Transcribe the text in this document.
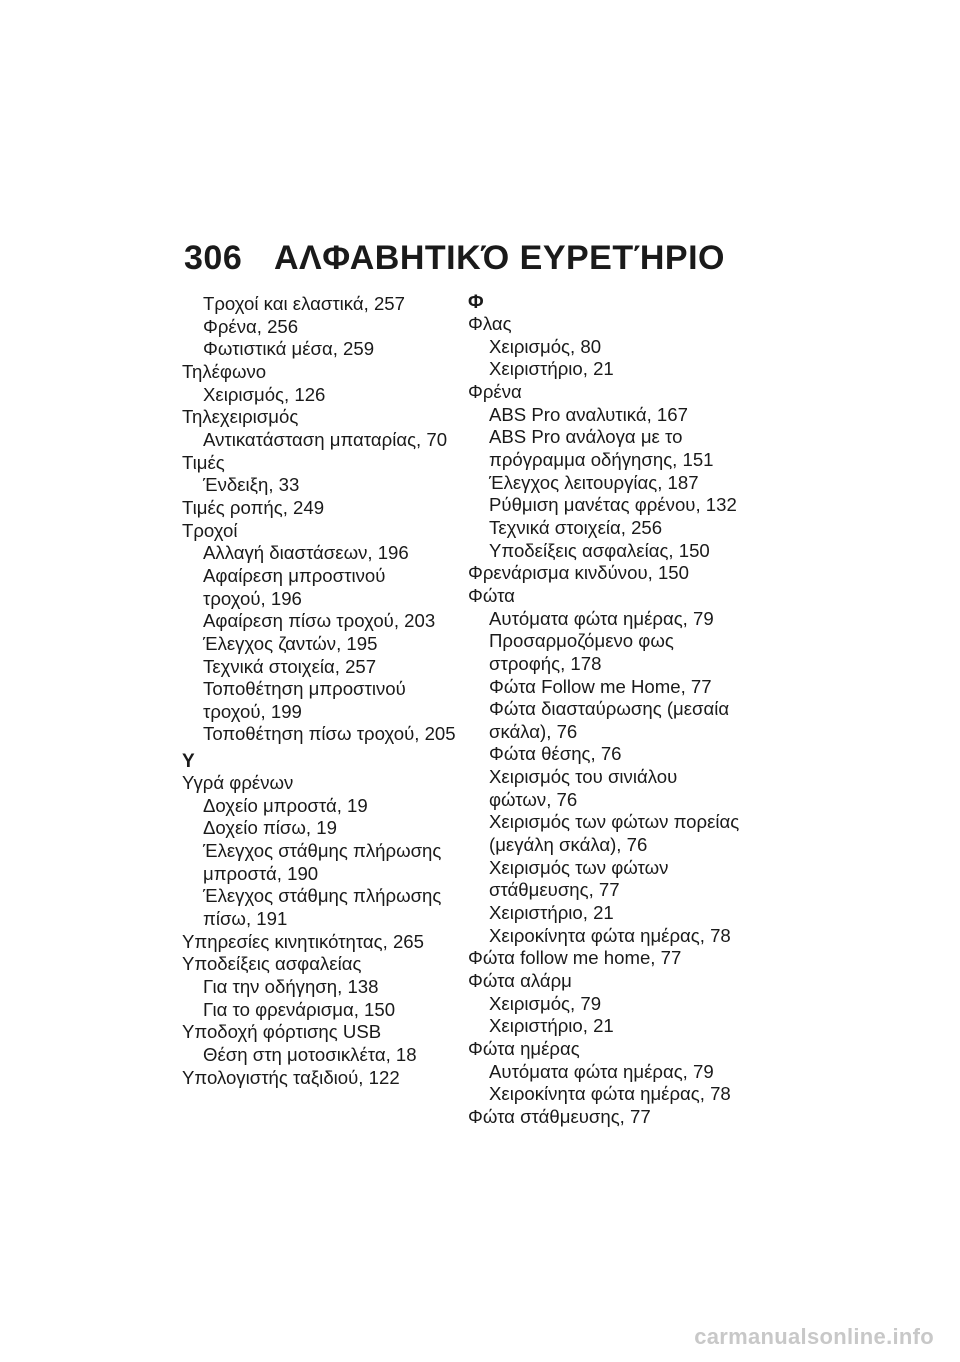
306 ΑΛΦΑΒΗΤΙΚΌ ΕΥΡΕΤΉΡΙΟ
Τροχοί και ελαστικά, 257
Φρένα, 256
Φωτιστικά μέσα, 259
Τηλέφωνο
Χειρισμός, 126
Τηλεχειρισμός
Αντικατάσταση μπαταρίας, 70
Τιμές
Ένδειξη, 33
Τιμές ροπής, 249
Τροχοί
Αλλαγή διαστάσεων, 196
Αφαίρεση μπροστινού
τροχού, 196
Αφαίρεση πίσω τροχού, 203
Έλεγχος ζαντών, 195
Τεχνικά στοιχεία, 257
Τοποθέτηση μπροστινού
τροχού, 199
Τοποθέτηση πίσω τροχού, 205
Υ
Υγρά φρένων
Δοχείο μπροστά, 19
Δοχείο πίσω, 19
Έλεγχος στάθμης πλήρωσης
μπροστά, 190
Έλεγχος στάθμης πλήρωσης
πίσω, 191
Υπηρεσίες κινητικότητας, 265
Υποδείξεις ασφαλείας
Για την οδήγηση, 138
Για το φρενάρισμα, 150
Υποδοχή φόρτισης USB
Θέση στη μοτοσικλέτα, 18
Υπολογιστής ταξιδιού, 122
Φ
Φλας
Χειρισμός, 80
Χειριστήριο, 21
Φρένα
ABS Pro αναλυτικά, 167
ABS Pro ανάλογα με το
πρόγραμμα οδήγησης, 151
Έλεγχος λειτουργίας, 187
Ρύθμιση μανέτας φρένου, 132
Τεχνικά στοιχεία, 256
Υποδείξεις ασφαλείας, 150
Φρενάρισμα κινδύνου, 150
Φώτα
Αυτόματα φώτα ημέρας, 79
Προσαρμοζόμενο φως
στροφής, 178
Φώτα Follow me Home, 77
Φώτα διασταύρωσης (μεσαία
σκάλα), 76
Φώτα θέσης, 76
Χειρισμός του σινιάλου
φώτων, 76
Χειρισμός των φώτων πορείας
(μεγάλη σκάλα), 76
Χειρισμός των φώτων
στάθμευσης, 77
Χειριστήριο, 21
Χειροκίνητα φώτα ημέρας, 78
Φώτα follow me home, 77
Φώτα αλάρμ
Χειρισμός, 79
Χειριστήριο, 21
Φώτα ημέρας
Αυτόματα φώτα ημέρας, 79
Χειροκίνητα φώτα ημέρας, 78
Φώτα στάθμευσης, 77
carmanualsonline.info
